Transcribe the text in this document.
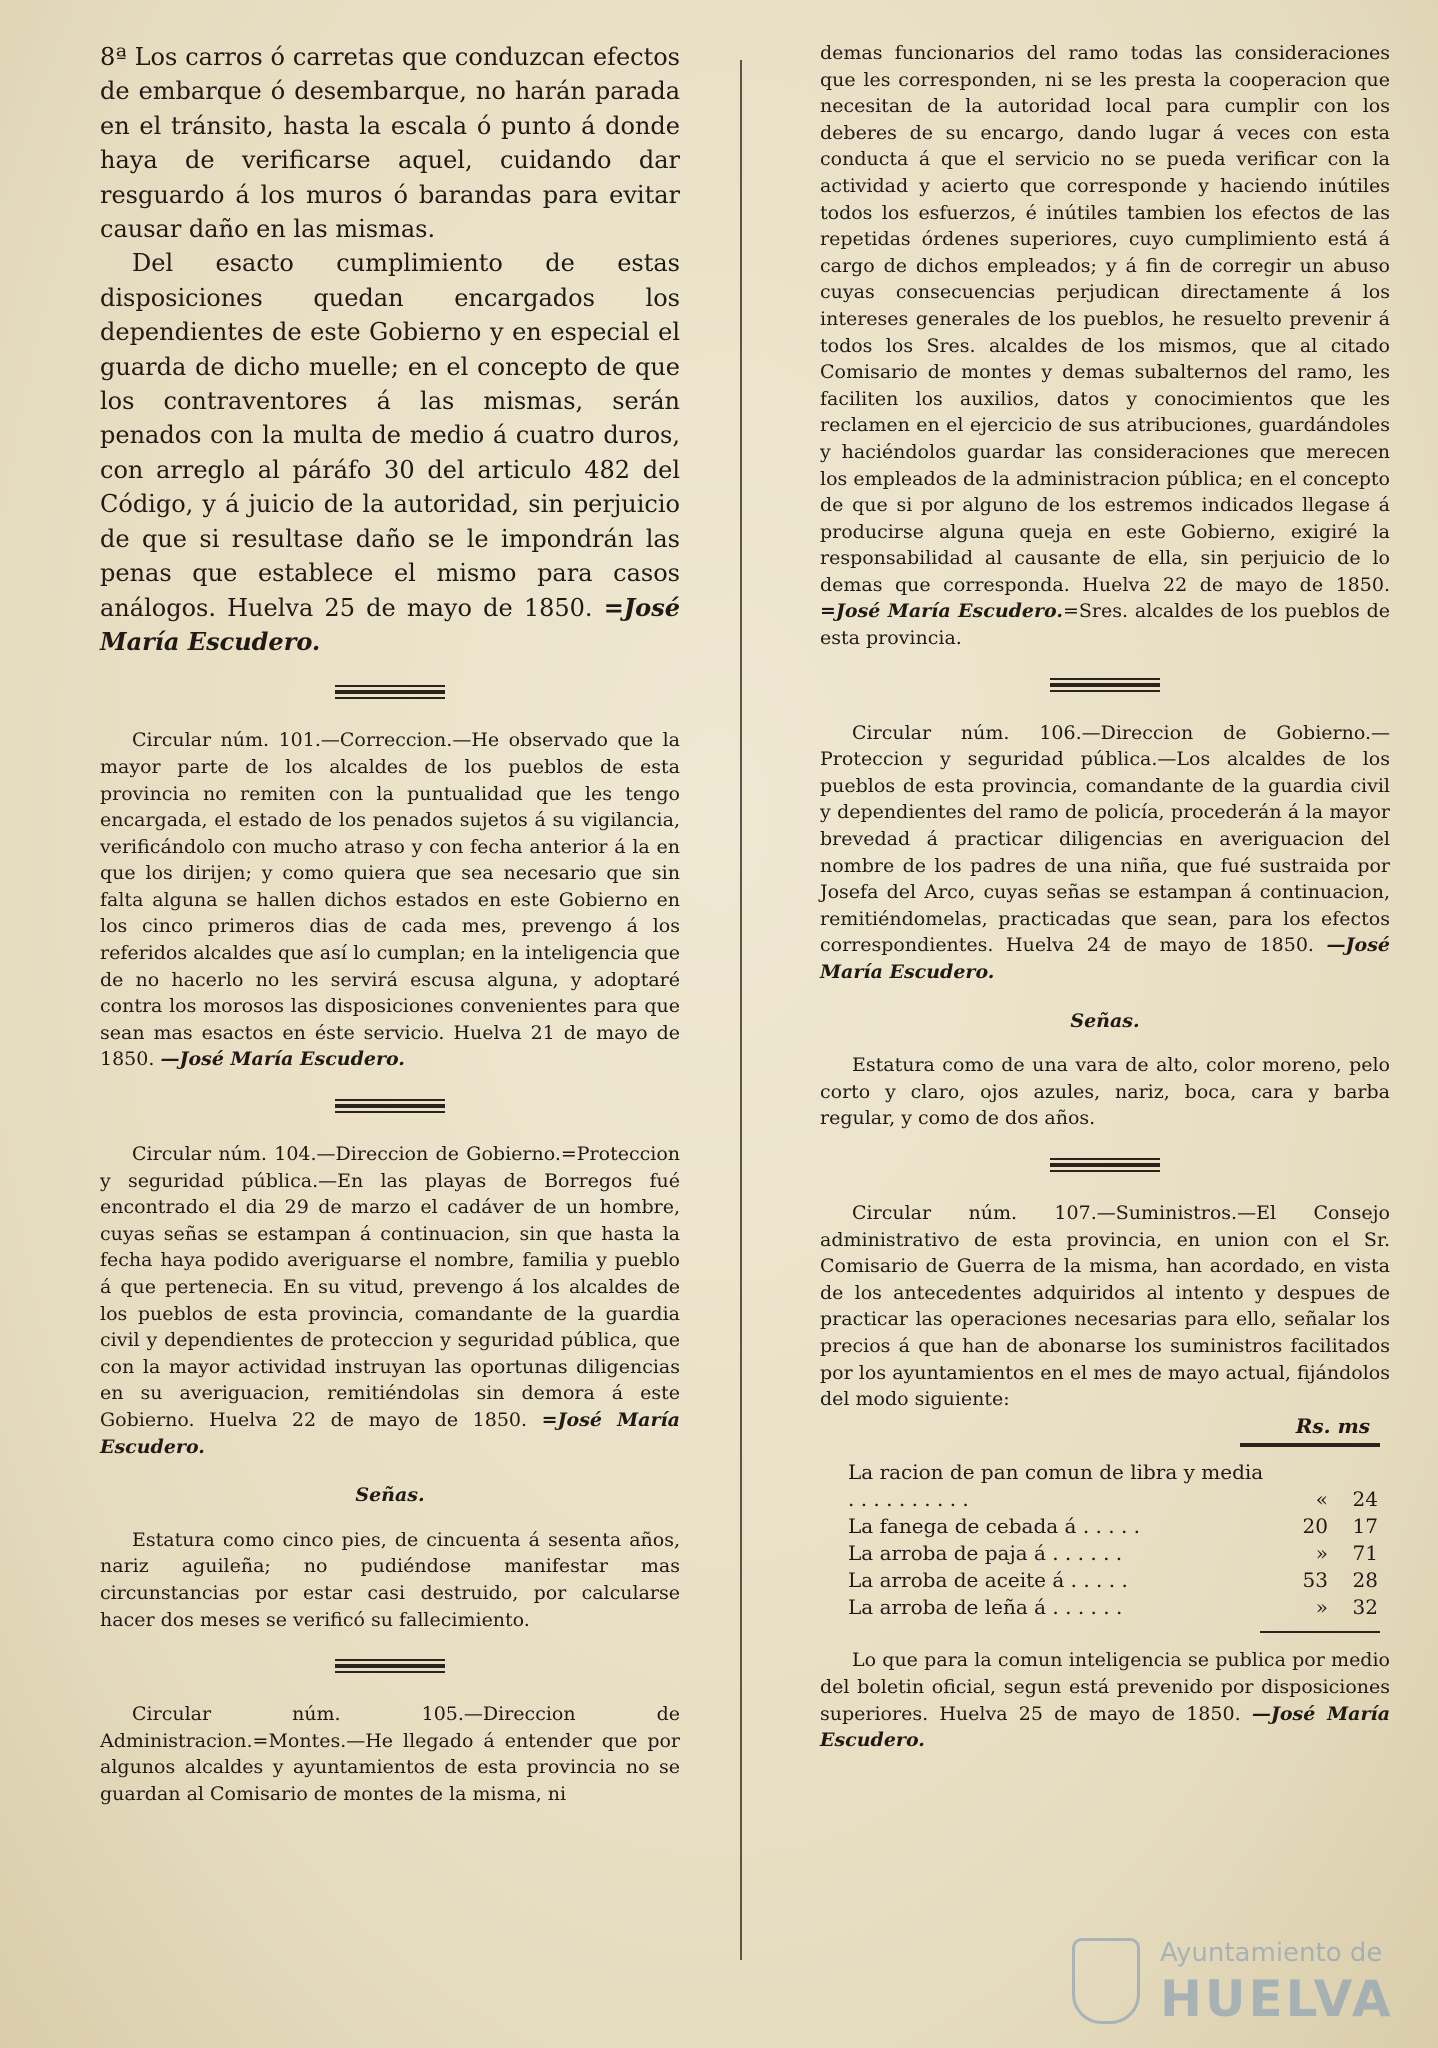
8ª Los carros ó carretas que conduzcan efectos de embarque ó desembarque, no harán parada en el tránsito, hasta la escala ó punto á donde haya de verificarse aquel, cuidando dar resguardo á los muros ó barandas para evitar causar daño en las mismas.

Del esacto cumplimiento de estas disposiciones quedan encargados los dependientes de este Gobierno y en especial el guarda de dicho muelle; en el concepto de que los contraventores á las mismas, serán penados con la multa de medio á cuatro duros, con arreglo al páráfo 30 del articulo 482 del Código, y á juicio de la autoridad, sin perjuicio de que si resultase daño se le impondrán las penas que establece el mismo para casos análogos. Huelva 25 de mayo de 1850. =José María Escudero.

Circular núm. 101.—Correccion.—He observado que la mayor parte de los alcaldes de los pueblos de esta provincia no remiten con la puntualidad que les tengo encargada, el estado de los penados sujetos á su vigilancia, verificándolo con mucho atraso y con fecha anterior á la en que los dirijen; y como quiera que sea necesario que sin falta alguna se hallen dichos estados en este Gobierno en los cinco primeros dias de cada mes, prevengo á los referidos alcaldes que así lo cumplan; en la inteligencia que de no hacerlo no les servirá escusa alguna, y adoptaré contra los morosos las disposiciones convenientes para que sean mas esactos en éste servicio. Huelva 21 de mayo de 1850. —José María Escudero.

Circular núm. 104.—Direccion de Gobierno.=Proteccion y seguridad pública.—En las playas de Borregos fué encontrado el dia 29 de marzo el cadáver de un hombre, cuyas señas se estampan á continuacion, sin que hasta la fecha haya podido averiguarse el nombre, familia y pueblo á que pertenecia. En su vitud, prevengo á los alcaldes de los pueblos de esta provincia, comandante de la guardia civil y dependientes de proteccion y seguridad pública, que con la mayor actividad instruyan las oportunas diligencias en su averiguacion, remitiéndolas sin demora á este Gobierno. Huelva 22 de mayo de 1850. =José María Escudero.

Señas.

Estatura como cinco pies, de cincuenta á sesenta años, nariz aguileña; no pudiéndose manifestar mas circunstancias por estar casi destruido, por calcularse hacer dos meses se verificó su fallecimiento.

Circular núm. 105.—Direccion de Administracion.=Montes.—He llegado á entender que por algunos alcaldes y ayuntamientos de esta provincia no se guardan al Comisario de montes de la misma, ni

demas funcionarios del ramo todas las consideraciones que les corresponden, ni se les presta la cooperacion que necesitan de la autoridad local para cumplir con los deberes de su encargo, dando lugar á veces con esta conducta á que el servicio no se pueda verificar con la actividad y acierto que corresponde y haciendo inútiles todos los esfuerzos, é inútiles tambien los efectos de las repetidas órdenes superiores, cuyo cumplimiento está á cargo de dichos empleados; y á fin de corregir un abuso cuyas consecuencias perjudican directamente á los intereses generales de los pueblos, he resuelto prevenir á todos los Sres. alcaldes de los mismos, que al citado Comisario de montes y demas subalternos del ramo, les faciliten los auxilios, datos y conocimientos que les reclamen en el ejercicio de sus atribuciones, guardándoles y haciéndolos guardar las consideraciones que merecen los empleados de la administracion pública; en el concepto de que si por alguno de los estremos indicados llegase á producirse alguna queja en este Gobierno, exigiré la responsabilidad al causante de ella, sin perjuicio de lo demas que corresponda. Huelva 22 de mayo de 1850. =José María Escudero.=Sres. alcaldes de los pueblos de esta provincia.

Circular núm. 106.—Direccion de Gobierno.—Proteccion y seguridad pública.—Los alcaldes de los pueblos de esta provincia, comandante de la guardia civil y dependientes del ramo de policía, procederán á la mayor brevedad á practicar diligencias en averiguacion del nombre de los padres de una niña, que fué sustraida por Josefa del Arco, cuyas señas se estampan á continuacion, remitiéndomelas, practicadas que sean, para los efectos correspondientes. Huelva 24 de mayo de 1850. —José María Escudero.

Señas.

Estatura como de una vara de alto, color moreno, pelo corto y claro, ojos azules, nariz, boca, cara y barba regular, y como de dos años.

Circular núm. 107.—Suministros.—El Consejo administrativo de esta provincia, en union con el Sr. Comisario de Guerra de la misma, han acordado, en vista de los antecedentes adquiridos al intento y despues de practicar las operaciones necesarias para ello, señalar los precios á que han de abonarse los suministros facilitados por los ayuntamientos en el mes de mayo actual, fijándolos del modo siguiente:

Rs. ms
La racion de pan comun de libra y media . . . . . . . . . .	«	24
La fanega de cebada á . . . . .	20	17
La arroba de paja á . . . . . .	»	71
La arroba de aceite á . . . . .	53	28
La arroba de leña á . . . . . .	»	32

Lo que para la comun inteligencia se publica por medio del boletin oficial, segun está prevenido por disposiciones superiores. Huelva 25 de mayo de 1850. —José María Escudero.

Ayuntamiento de
HUELVA
